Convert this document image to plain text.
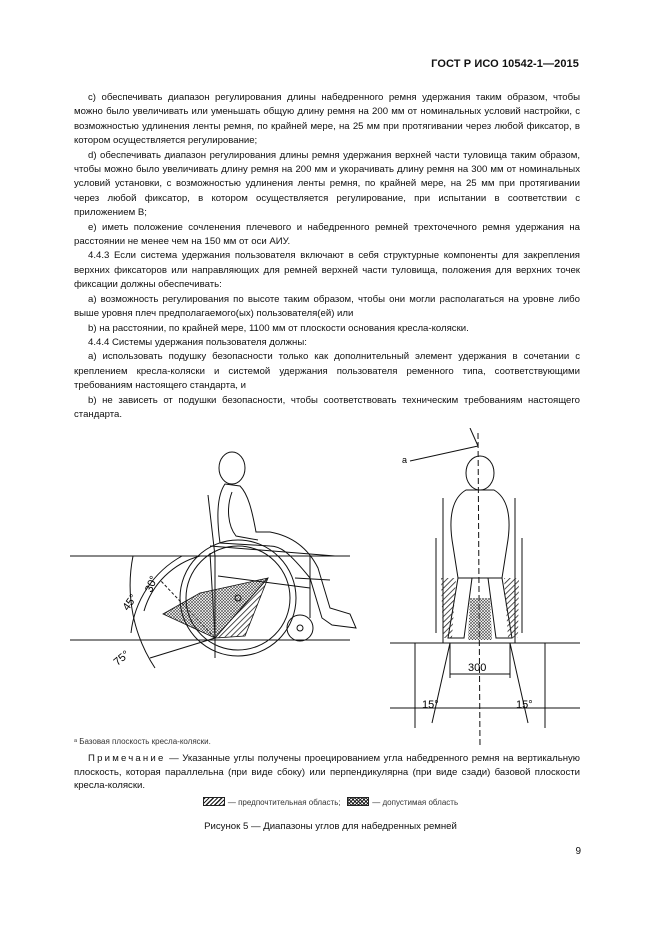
ГОСТ Р ИСО 10542-1—2015

c) обеспечивать диапазон регулирования длины набедренного ремня удержания таким образом, чтобы можно было увеличивать или уменьшать общую длину ремня на 200 мм от номинальных условий настройки, с возможностью удлинения ленты ремня, по крайней мере, на 25 мм при протягивании через любой фиксатор, в котором осуществляется регулирование;

d) обеспечивать диапазон регулирования длины ремня удержания верхней части туловища таким образом, чтобы можно было увеличивать длину ремня на 200 мм и укорачивать длину ремня на 300 мм от номинальных условий установки, с возможностью удлинения ленты ремня, по крайней мере, на 25 мм при протягивании через любой фиксатор, в котором осуществляется регулирование, при испытании в соответствии с приложением В;

e) иметь положение сочленения плечевого и набедренного ремней трехточечного ремня удержания на расстоянии не менее чем на 150 мм от оси АИУ.

4.4.3 Если система удержания пользователя включают в себя структурные компоненты для закрепления верхних фиксаторов или направляющих для ремней верхней части туловища, положения для верхних точек фиксации должны обеспечивать:

a) возможность регулирования по высоте таким образом, чтобы они могли располагаться на уровне либо выше уровня плеч предполагаемого(ых) пользователя(ей) или

b) на расстоянии, по крайней мере, 1100 мм от плоскости основания кресла-коляски.

4.4.4 Системы удержания пользователя должны:

a) использовать подушку безопасности только как дополнительный элемент удержания в сочетании с креплением кресла-коляски и системой удержания пользователя ременного типа, соответствующими требованиям настоящего стандарта, и

b) не зависеть от подушки безопасности, чтобы соответствовать техническим требованиям настоящего стандарта.

30°
45°
75°
a
300
15°	15°
ᵃ Базовая плоскость кресла-коляски.
Примечание — Указанные углы получены проецированием угла набедренного ремня на вертикальную плоскость, которая параллельна (при виде сбоку) или перпендикулярна (при виде сзади) базовой плоскости кресла-коляски.
— предпочтительная область;	— допустимая область
Рисунок 5 — Диапазоны углов для набедренных ремней
9
